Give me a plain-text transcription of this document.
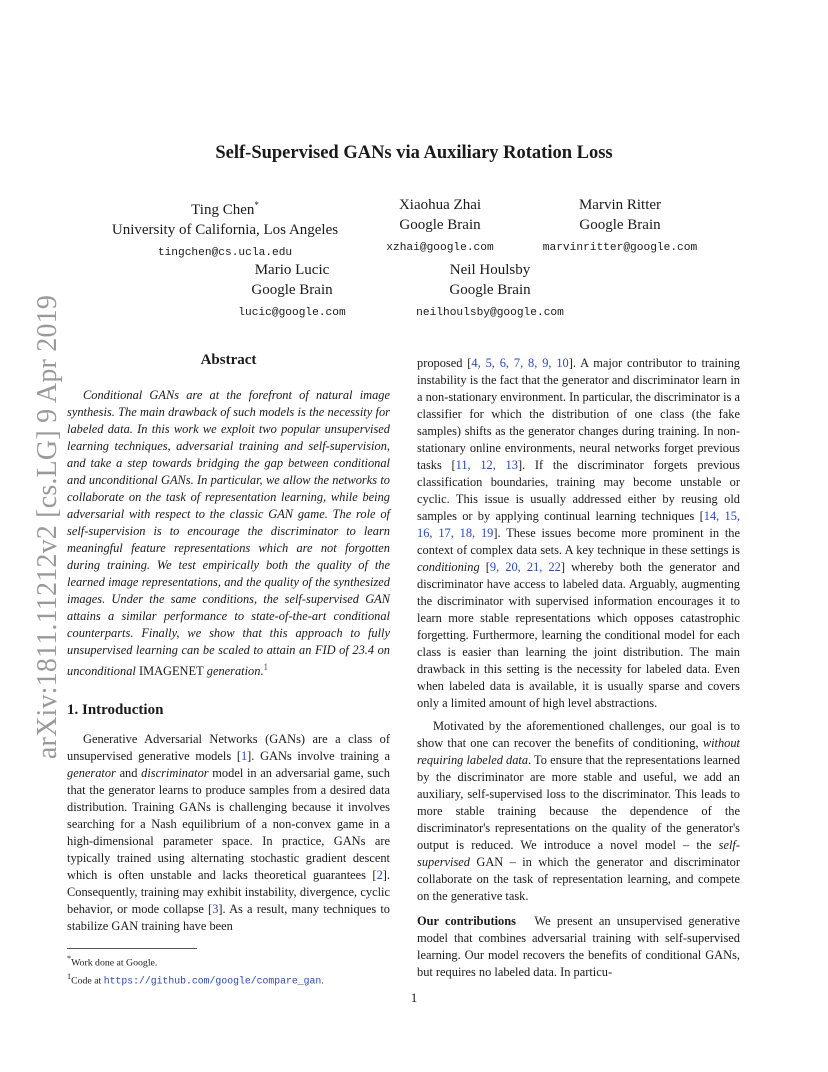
arXiv:1811.11212v2 [cs.LG] 9 Apr 2019
Self-Supervised GANs via Auxiliary Rotation Loss
Ting Chen*
University of California, Los Angeles
tingchen@cs.ucla.edu
Xiaohua Zhai
Google Brain
xzhai@google.com
Marvin Ritter
Google Brain
marvinritter@google.com
Mario Lucic
Google Brain
lucic@google.com
Neil Houlsby
Google Brain
neilhoulsby@google.com
Abstract

Conditional GANs are at the forefront of natural image synthesis. The main drawback of such models is the necessity for labeled data. In this work we exploit two popular unsupervised learning techniques, adversarial training and self-supervision, and take a step towards bridging the gap between conditional and unconditional GANs. In particular, we allow the networks to collaborate on the task of representation learning, while being adversarial with respect to the classic GAN game. The role of self-supervision is to encourage the discriminator to learn meaningful feature representations which are not forgotten during training. We test empirically both the quality of the learned image representations, and the quality of the synthesized images. Under the same conditions, the self-supervised GAN attains a similar performance to state-of-the-art conditional counterparts. Finally, we show that this approach to fully unsupervised learning can be scaled to attain an FID of 23.4 on unconditional IMAGENET generation.$^1$

1. Introduction

Generative Adversarial Networks (GANs) are a class of unsupervised generative models [1]. GANs involve training a generator and discriminator model in an adversarial game, such that the generator learns to produce samples from a desired data distribution. Training GANs is challenging because it involves searching for a Nash equilibrium of a non-convex game in a high-dimensional parameter space. In practice, GANs are typically trained using alternating stochastic gradient descent which is often unstable and lacks theoretical guarantees [2]. Consequently, training may exhibit instability, divergence, cyclic behavior, or mode collapse [3]. As a result, many techniques to stabilize GAN training have been

*Work done at Google.
$^1$Code at https://github.com/google/compare_gan.

proposed [4, 5, 6, 7, 8, 9, 10]. A major contributor to training instability is the fact that the generator and discriminator learn in a non-stationary environment. In particular, the discriminator is a classifier for which the distribution of one class (the fake samples) shifts as the generator changes during training. In non-stationary online environments, neural networks forget previous tasks [11, 12, 13]. If the discriminator forgets previous classification boundaries, training may become unstable or cyclic. This issue is usually addressed either by reusing old samples or by applying continual learning techniques [14, 15, 16, 17, 18, 19]. These issues become more prominent in the context of complex data sets. A key technique in these settings is conditioning [9, 20, 21, 22] whereby both the generator and discriminator have access to labeled data. Arguably, augmenting the discriminator with supervised information encourages it to learn more stable representations which opposes catastrophic forgetting. Furthermore, learning the conditional model for each class is easier than learning the joint distribution. The main drawback in this setting is the necessity for labeled data. Even when labeled data is available, it is usually sparse and covers only a limited amount of high level abstractions.

Motivated by the aforementioned challenges, our goal is to show that one can recover the benefits of conditioning, without requiring labeled data. To ensure that the representations learned by the discriminator are more stable and useful, we add an auxiliary, self-supervised loss to the discriminator. This leads to more stable training because the dependence of the discriminator's representations on the quality of the generator's output is reduced. We introduce a novel model – the self-supervised GAN – in which the generator and discriminator collaborate on the task of representation learning, and compete on the generative task.

Our contributions We present an unsupervised generative model that combines adversarial training with self-supervised learning. Our model recovers the benefits of conditional GANs, but requires no labeled data. In particu-

1
